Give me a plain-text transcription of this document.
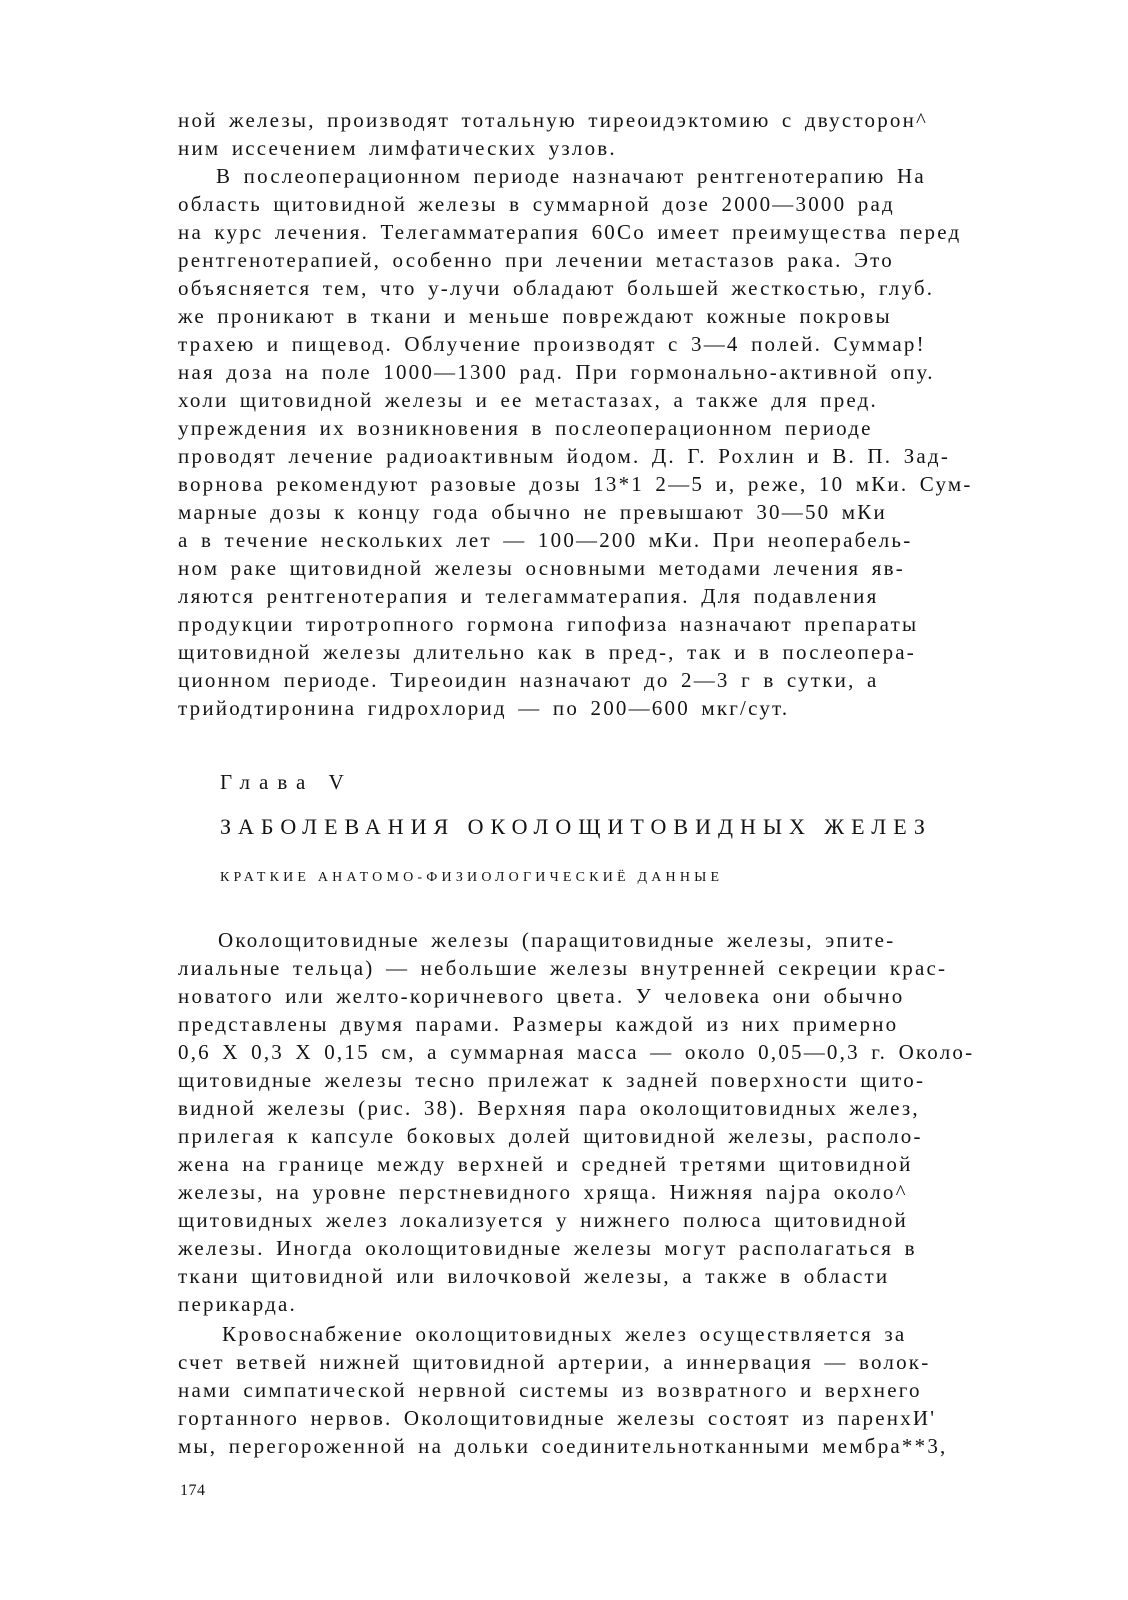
ной железы, производят тотальную тиреоидэктомию с двусторон^
ним иссечением лимфатических узлов.
В послеоперационном периоде назначают рентгенотерапию На
область щитовидной железы в суммарной дозе 2000—3000 рад
на курс лечения. Телегамматерапия 60Со имеет преимущества перед
рентгенотерапией, особенно при лечении метастазов рака. Это
объясняется тем, что у-лучи обладают большей жесткостью, глуб.
же проникают в ткани и меньше повреждают кожные покровы
трахею и пищевод. Облучение производят с 3—4 полей. Суммар!
ная доза на поле 1000—1300 рад. При гормонально-активной опу.
холи щитовидной железы и ее метастазах, а также для пред.
упреждения их возникновения в послеоперационном периоде
проводят лечение радиоактивным йодом. Д. Г. Рохлин и В. П. Зад-
ворнова рекомендуют разовые дозы 13*1 2—5 и, реже, 10 мКи. Сум-
марные дозы к концу года обычно не превышают 30—50 мКи
а в течение нескольких лет — 100—200 мКи. При неоперабель-
ном раке щитовидной железы основными методами лечения яв-
ляются рентгенотерапия и телегамматерапия. Для подавления
продукции тиротропного гормона гипофиза назначают препараты
щитовидной железы длительно как в пред-, так и в послеопера-
ционном периоде. Тиреоидин назначают до 2—3 г в сутки, а
трийодтиронина гидрохлорид — по 200—600 мкг/сут.
Глава V
ЗАБОЛЕВАНИЯ ОКОЛОЩИТОВИДНЫХ ЖЕЛЕЗ
КРАТКИЕ АНАТОМО-ФИЗИОЛОГИЧЕСКИЁ ДАННЫЕ
Околощитовидные железы (паращитовидные железы, эпите-
лиальные тельца) — небольшие железы внутренней секреции крас-
новатого или желто-коричневого цвета. У человека они обычно
представлены двумя парами. Размеры каждой из них примерно
0,6 X 0,3 X 0,15 см, а суммарная масса — около 0,05—0,3 г. Около-
щитовидные железы тесно прилежат к задней поверхности щито-
видной железы (рис. 38). Верхняя пара околощитовидных желез,
прилегая к капсуле боковых долей щитовидной железы, располо-
жена на границе между верхней и средней третями щитовидной
железы, на уровне перстневидного хряща. Нижняя najра около^
щитовидных желез локализуется у нижнего полюса щитовидной
железы. Иногда околощитовидные железы могут располагаться в
ткани щитовидной или вилочковой железы, а также в области
перикарда.
Кровоснабжение околощитовидных желез осуществляется за
счет ветвей нижней щитовидной артерии, а иннервация — волок-
нами симпатической нервной системы из возвратного и верхнего
гортанного нервов. Околощитовидные железы состоят из паренхИ'
мы, перегороженной на дольки соединительнотканными мембра**3,
174
